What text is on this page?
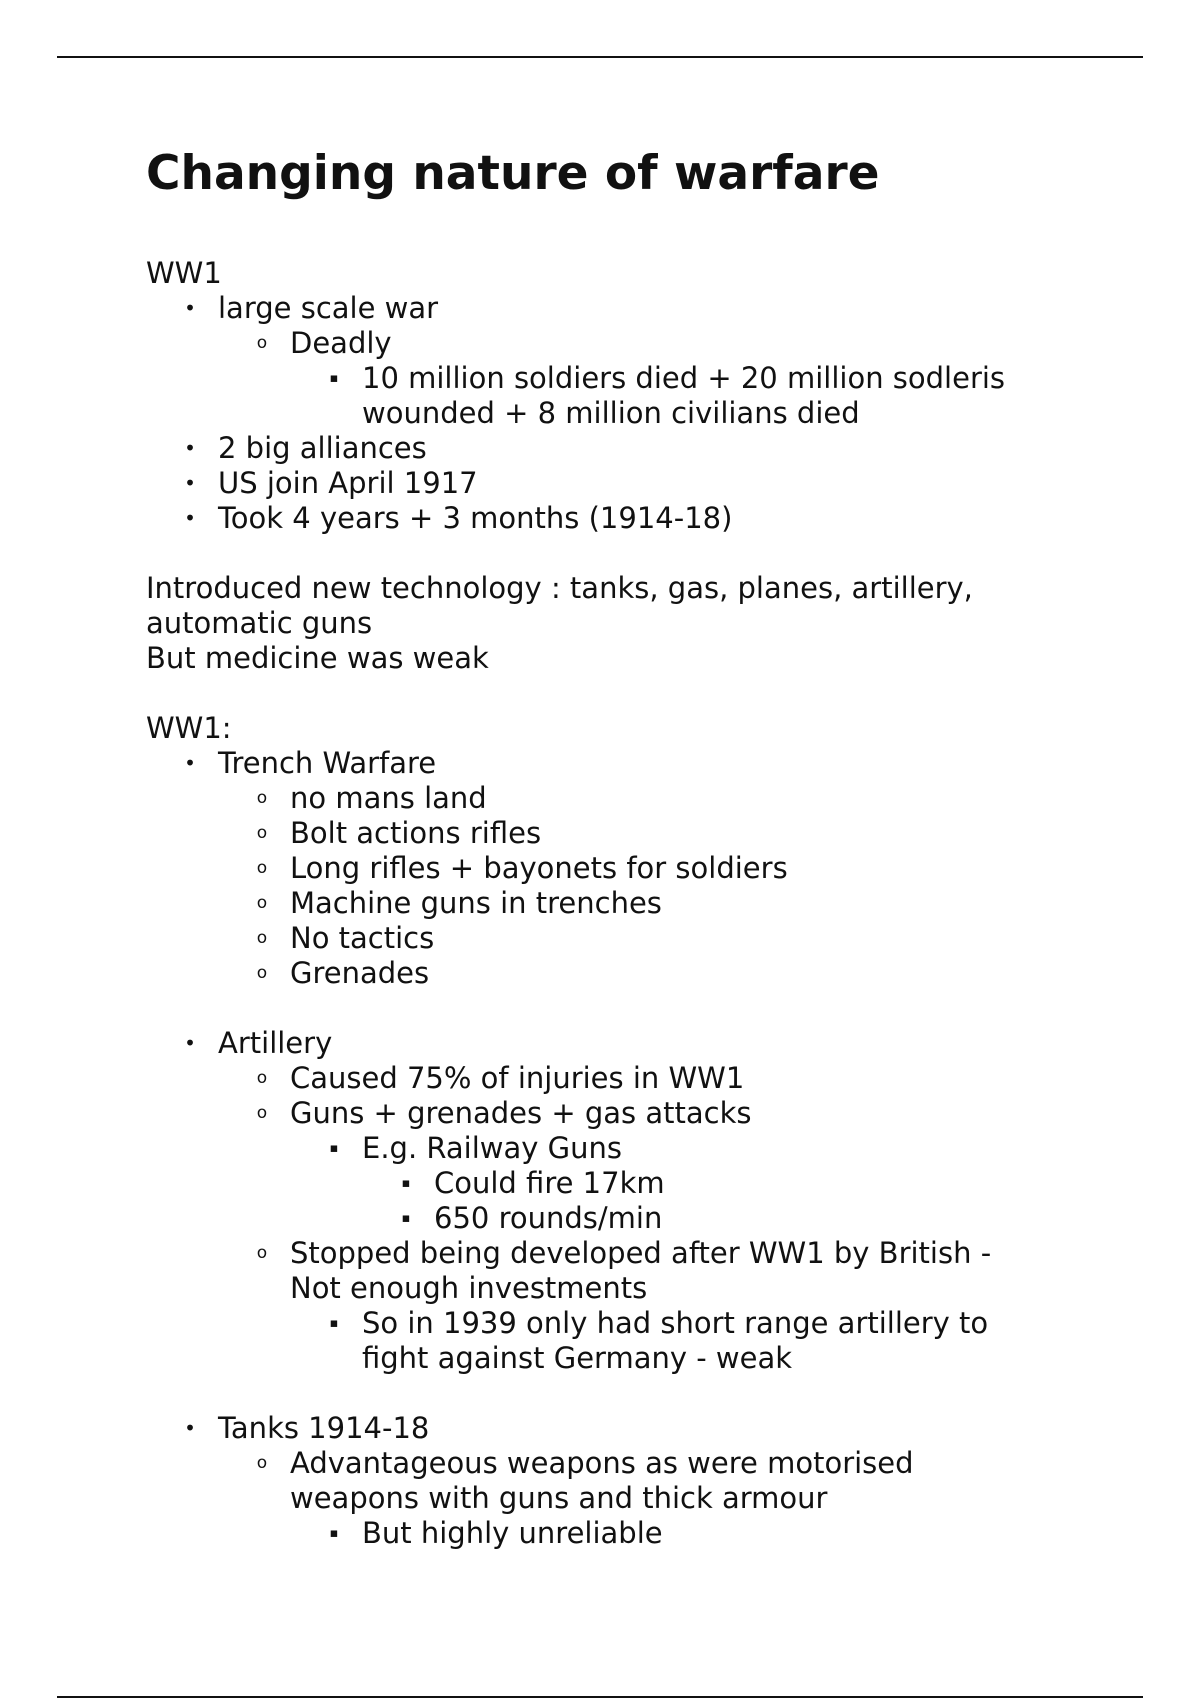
Changing nature of warfare

WW1

• large scale war
o Deadly
▪ 10 million soldiers died + 20 million sodleris wounded + 8 million civilians died
• 2 big alliances
• US join April 1917
• Took 4 years + 3 months (1914-18)

Introduced new technology : tanks, gas, planes, artillery, automatic guns

But medicine was weak

WW1:

• Trench Warfare
o no mans land
o Bolt actions rifles
o Long rifles + bayonets for soldiers
o Machine guns in trenches
o No tactics
o Grenades
• Artillery
o Caused 75% of injuries in WW1
o Guns + grenades + gas attacks
▪ E.g. Railway Guns
▪ Could fire 17km
▪ 650 rounds/min
o Stopped being developed after WW1 by British - Not enough investments
▪ So in 1939 only had short range artillery to fight against Germany - weak
• Tanks 1914-18
o Advantageous weapons as were motorised weapons with guns and thick armour
▪ But highly unreliable
